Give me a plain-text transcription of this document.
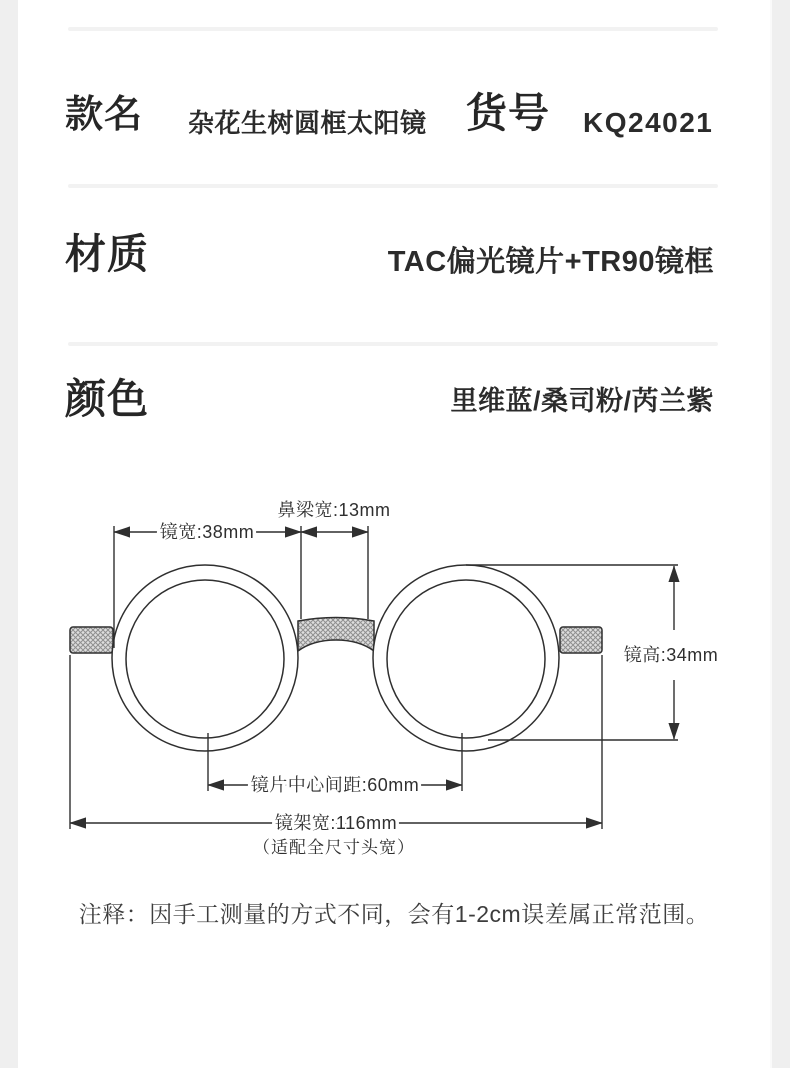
款名 杂花生树圆框太阳镜 货号 KQ24021
材质	TAC偏光镜片+TR90镜框
颜色	里维蓝/桑司粉/芮兰紫
鼻梁宽:13mm
镜宽:38mm
镜高:34mm
镜片中心间距:60mm
镜架宽:116mm
（适配全尺寸头宽）
注释：因手工测量的方式不同，会有1-2cm误差属正常范围。
